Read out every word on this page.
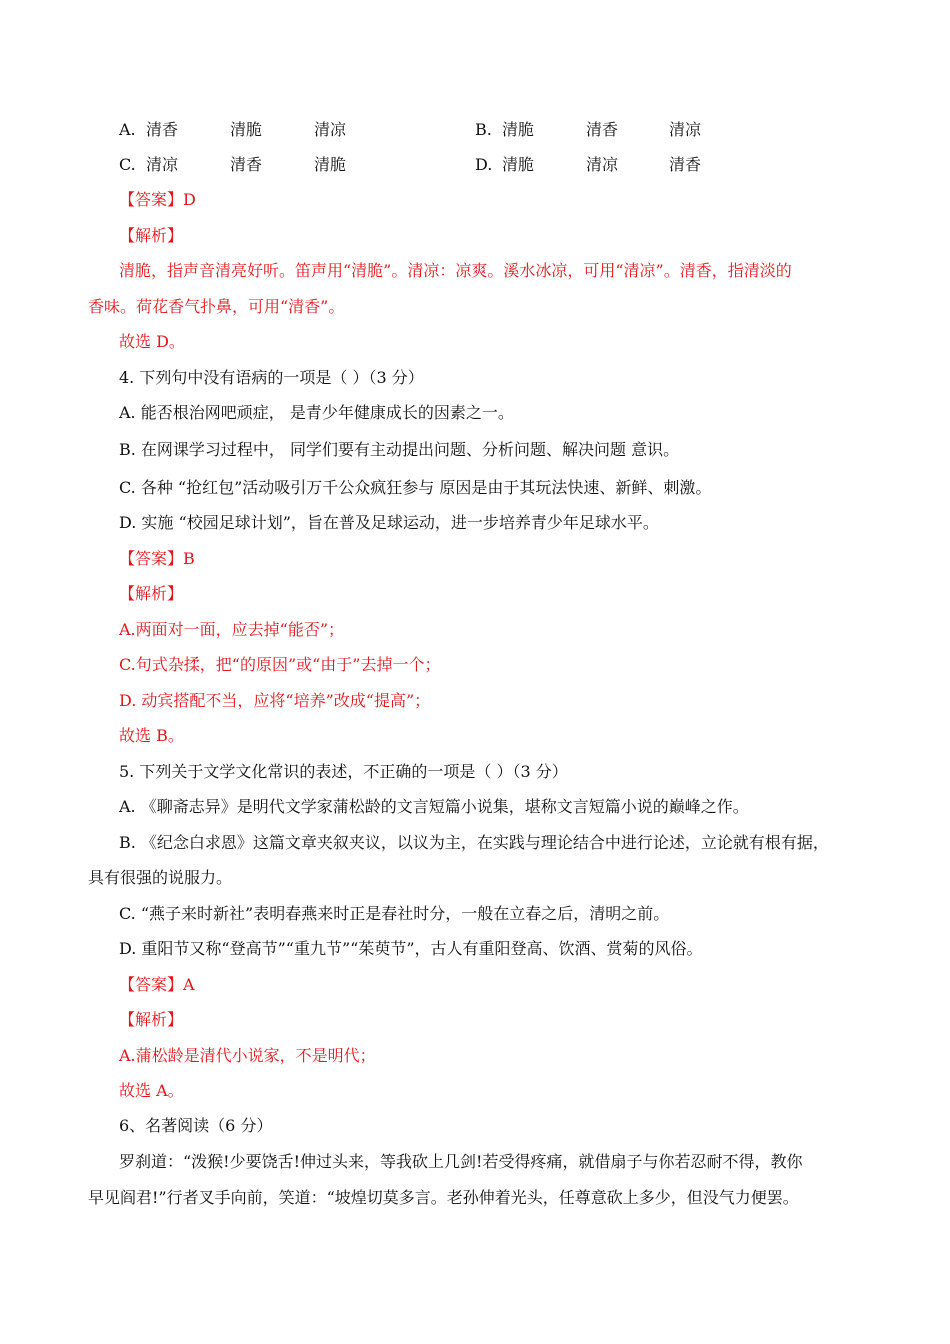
A. 清香	清脆	清凉	B. 清脆	清香	清凉
C. 清凉	清香	清脆	D. 清脆	清凉	清香
【答案】D
【解析】
清脆，指声音清亮好听。笛声用“清脆”。清凉：凉爽。溪水冰凉，可用“清凉”。清香，指清淡的
香味。荷花香气扑鼻，可用“清香”。
故选 D。
4. 下列句中没有语病的一项是（ ）（3 分）
A. 能否根治网吧顽症， 是青少年健康成长的因素之一。
B. 在网课学习过程中， 同学们要有主动提出问题、分析问题、解决问题 意识。
C. 各种 “抢红包”活动吸引万千公众疯狂参与 原因是由于其玩法快速、新鲜、刺激。
D. 实施 “校园足球计划”，旨在普及足球运动，进一步培养青少年足球水平。
【答案】B
【解析】
A.两面对一面，应去掉“能否”；
C.句式杂揉，把“的原因”或“由于”去掉一个；
D. 动宾搭配不当，应将“培养”改成“提高”；
故选 B。
5. 下列关于文学文化常识的表述，不正确的一项是（ ）（3 分）
A. 《聊斋志异》是明代文学家蒲松龄的文言短篇小说集，堪称文言短篇小说的巅峰之作。
B. 《纪念白求恩》这篇文章夹叙夹议，以议为主，在实践与理论结合中进行论述，立论就有根有据，
具有很强的说服力。
C. “燕子来时新社”表明春燕来时正是春社时分，一般在立春之后，清明之前。
D. 重阳节又称“登高节”“重九节”“茱萸节”，古人有重阳登高、饮酒、赏菊的风俗。
【答案】A
【解析】
A.蒲松龄是清代小说家，不是明代；
故选 A。
6、名著阅读（6 分）
罗刹道：“泼猴!少要饶舌!伸过头来，等我砍上几剑!若受得疼痛，就借扇子与你若忍耐不得，教你
早见阎君!”行者叉手向前，笑道：“坡煌切莫多言。老孙伸着光头，任尊意砍上多少，但没气力便罢。
